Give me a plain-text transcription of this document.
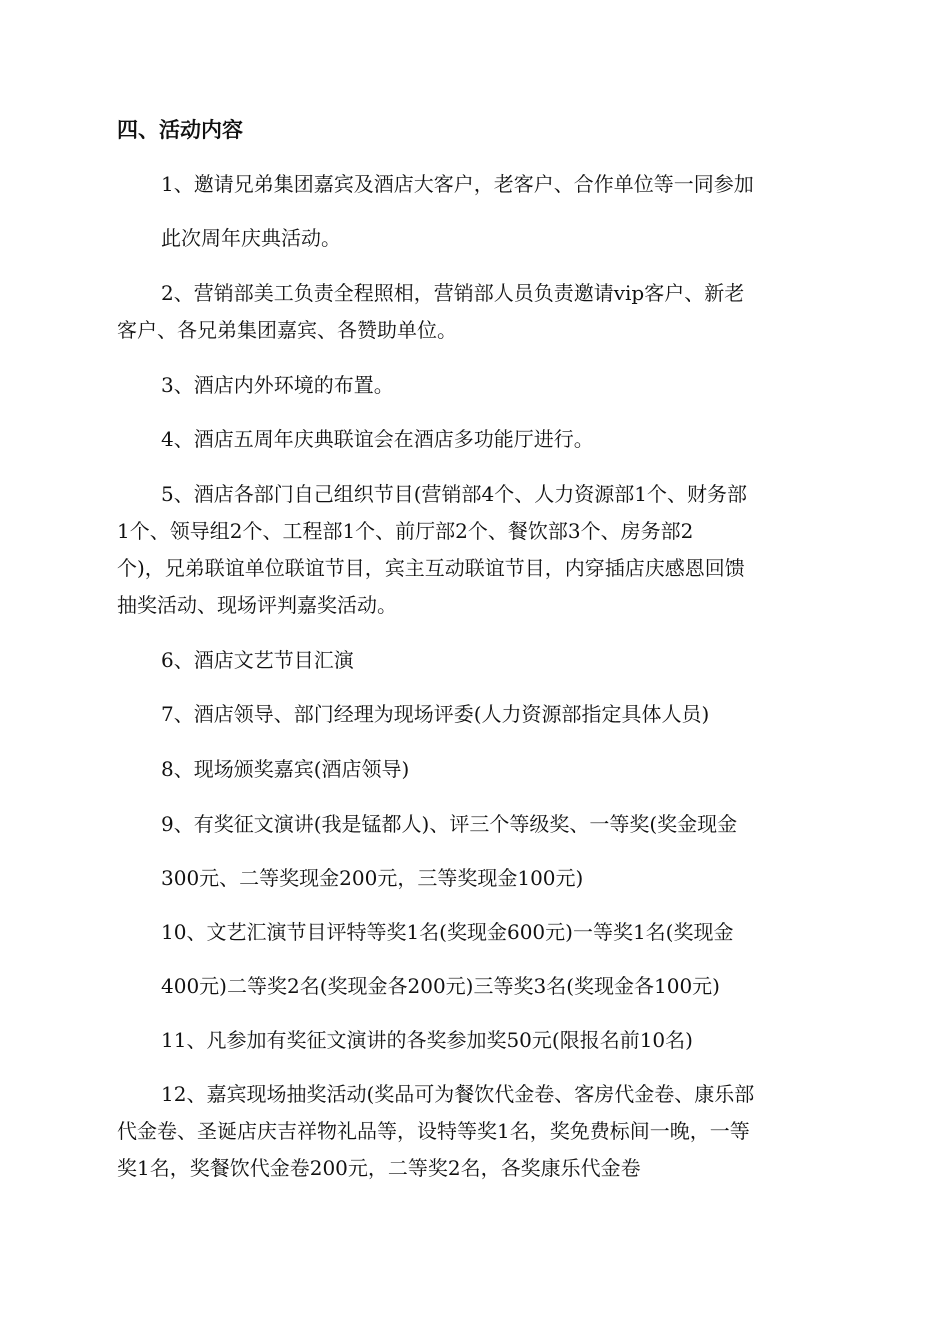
四、活动内容
1、邀请兄弟集团嘉宾及酒店大客户，老客户、合作单位等一同参加
此次周年庆典活动。
2、营销部美工负责全程照相，营销部人员负责邀请vip客户、新老
客户、各兄弟集团嘉宾、各赞助单位。
3、酒店内外环境的布置。
4、酒店五周年庆典联谊会在酒店多功能厅进行。
5、酒店各部门自己组织节目(营销部4个、人力资源部1个、财务部
1个、领导组2个、工程部1个、前厅部2个、餐饮部3个、房务部2
个)，兄弟联谊单位联谊节目，宾主互动联谊节目，内穿插店庆感恩回馈
抽奖活动、现场评判嘉奖活动。
6、酒店文艺节目汇演
7、酒店领导、部门经理为现场评委(人力资源部指定具体人员)
8、现场颁奖嘉宾(酒店领导)
9、有奖征文演讲(我是锰都人)、评三个等级奖、一等奖(奖金现金
300元、二等奖现金200元，三等奖现金100元)
10、文艺汇演节目评特等奖1名(奖现金600元)一等奖1名(奖现金
400元)二等奖2名(奖现金各200元)三等奖3名(奖现金各100元)
11、凡参加有奖征文演讲的各奖参加奖50元(限报名前10名)
12、嘉宾现场抽奖活动(奖品可为餐饮代金卷、客房代金卷、康乐部
代金卷、圣诞店庆吉祥物礼品等，设特等奖1名，奖免费标间一晚，一等
奖1名，奖餐饮代金卷200元，二等奖2名，各奖康乐代金卷
